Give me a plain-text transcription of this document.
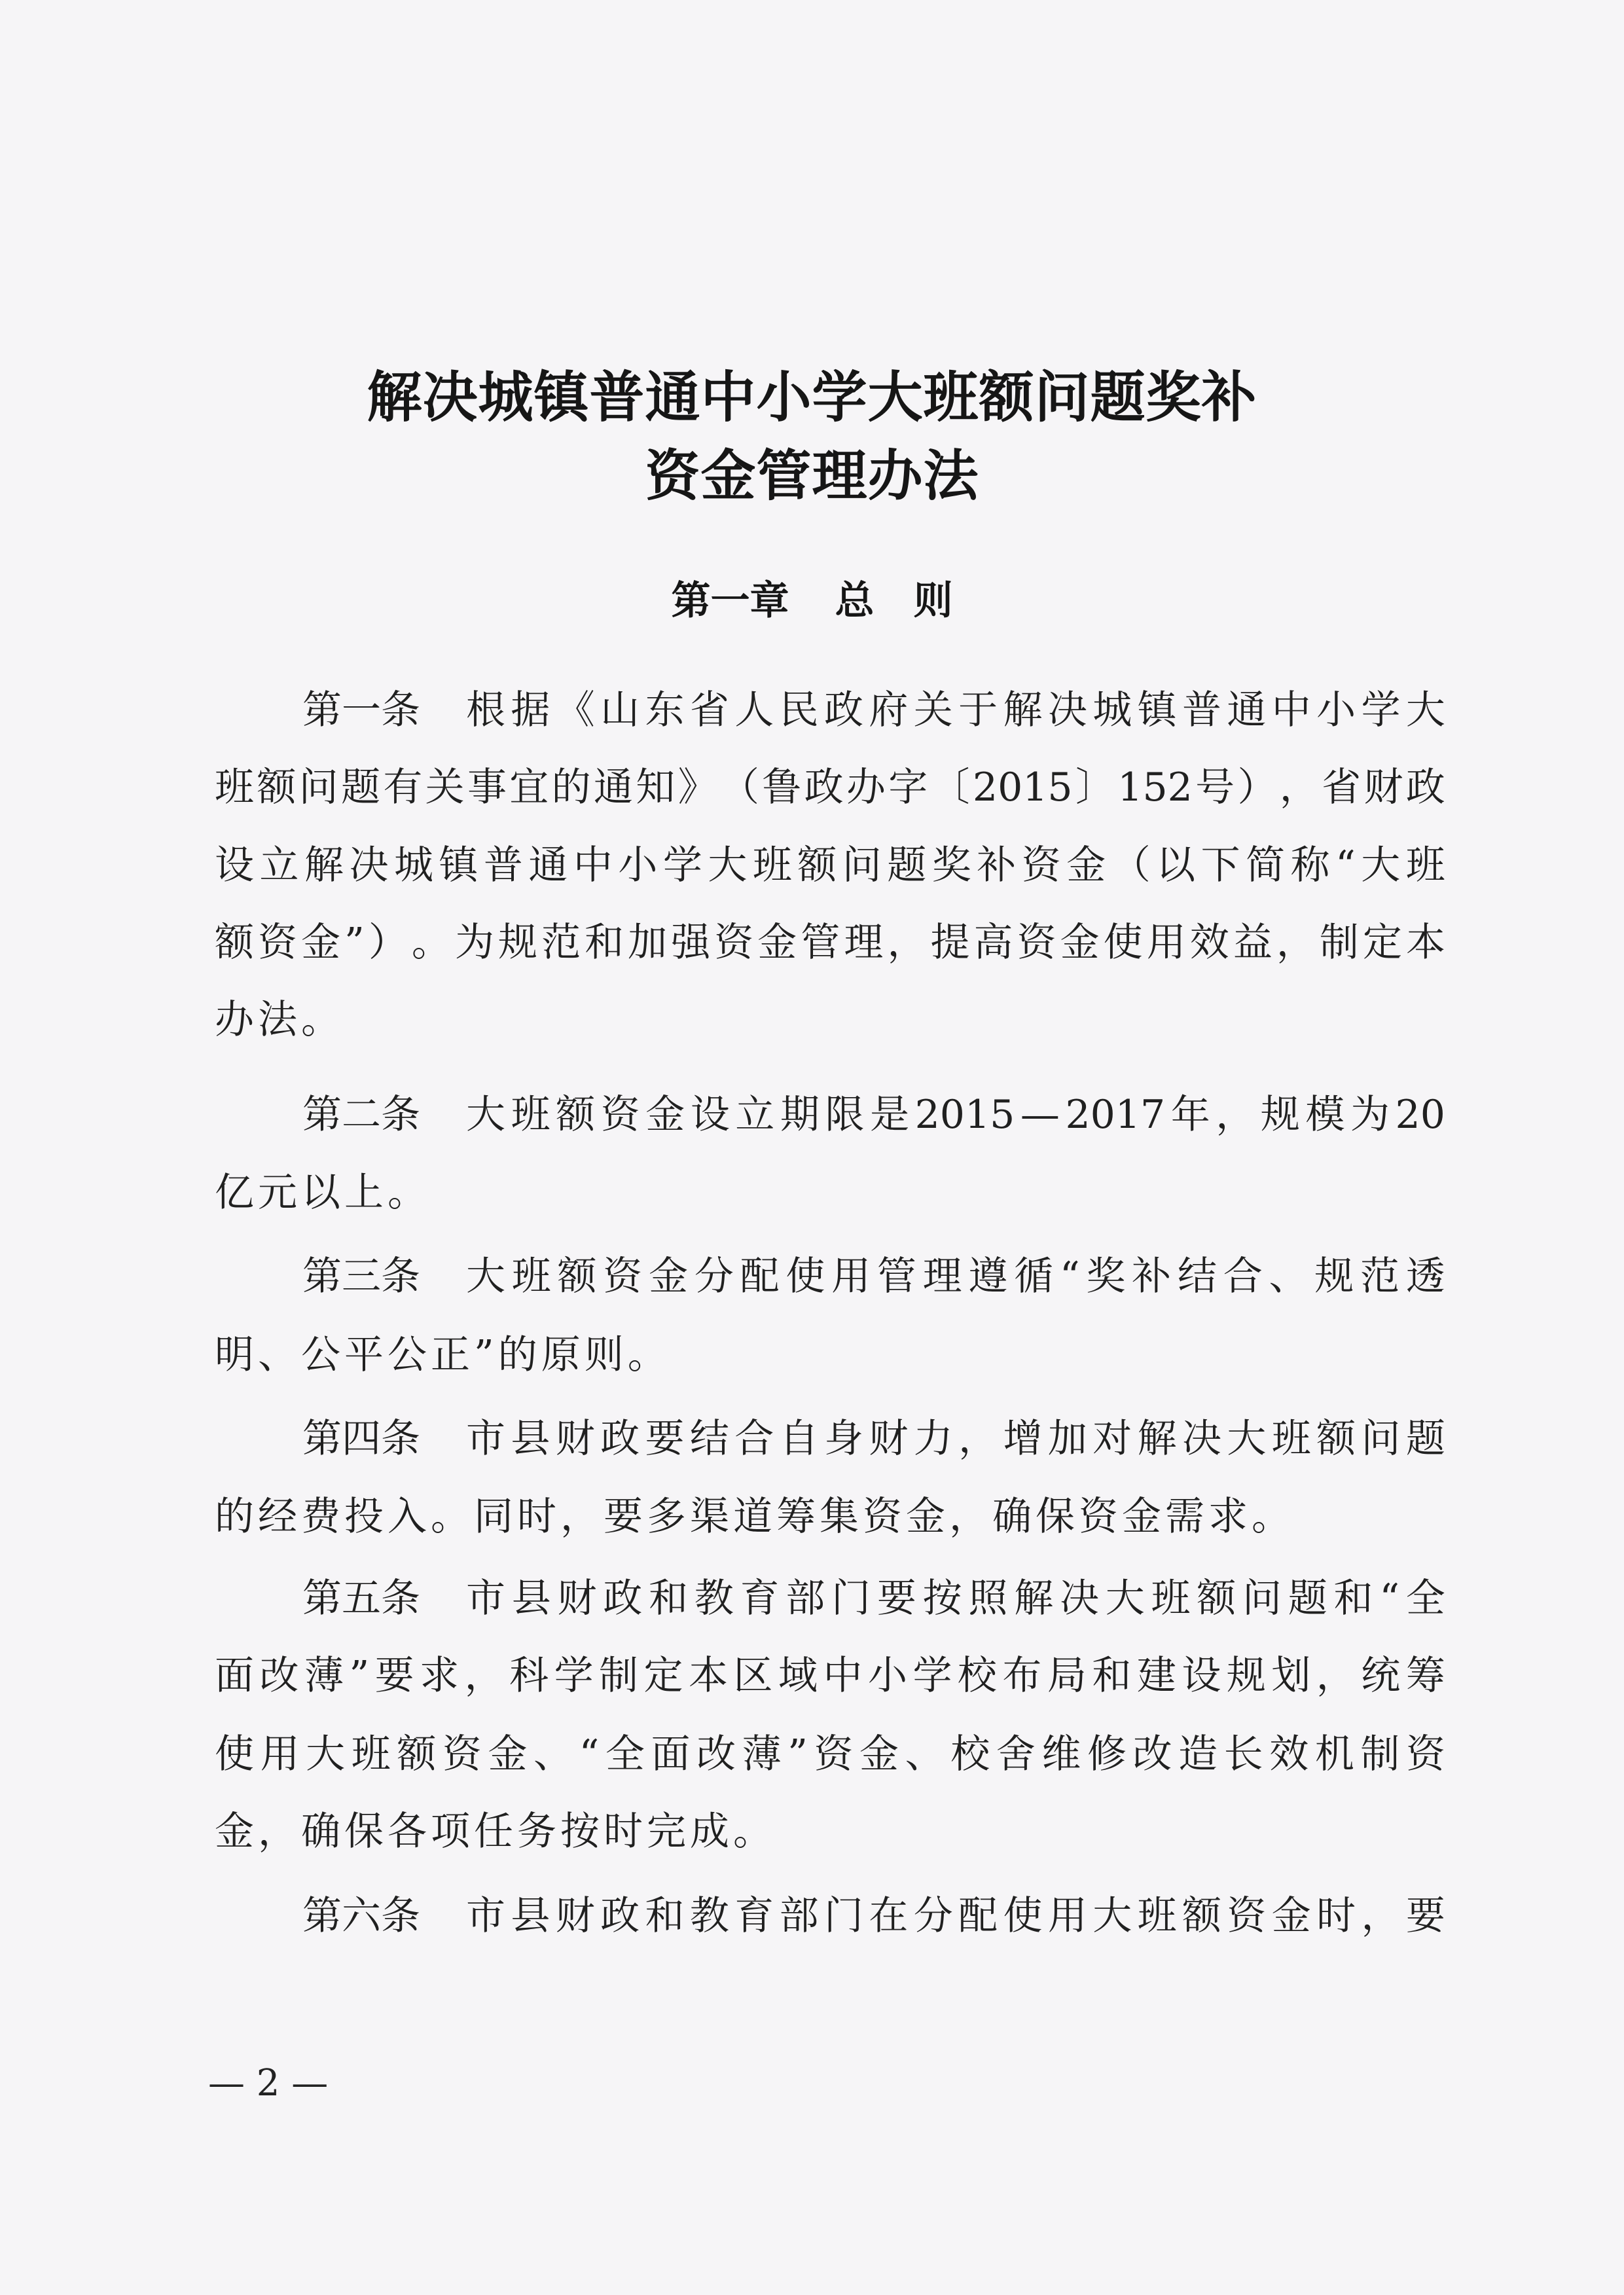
解决城镇普通中小学大班额问题奖补
资金管理办法
第一章 总 则
第一条 根 据 《 山 东 省 人 民 政 府 关 于 解 决 城 镇 普 通 中 小 学 大
班 额 问 题 有 关 事 宜 的 通 知 》 （ 鲁 政 办 字 〔 2015 〕 152 号 ） ， 省 财 政
设 立 解 决 城 镇 普 通 中 小 学 大 班 额 问 题 奖 补 资 金 （ 以 下 简 称 “ 大 班
额 资 金 ” ） 。 为 规 范 和 加 强 资 金 管 理 ， 提 高 资 金 使 用 效 益 ， 制 定 本
办 法 。
第二条 大 班 额 资 金 设 立 期 限 是 2015 — 2017 年 ， 规 模 为 20
亿 元 以 上 。
第三条 大 班 额 资 金 分 配 使 用 管 理 遵 循 “ 奖 补 结 合 、 规 范 透
明 、 公 平 公 正 ” 的 原 则 。
第四条 市 县 财 政 要 结 合 自 身 财 力 ， 增 加 对 解 决 大 班 额 问 题
的 经 费 投 入 。 同 时 ， 要 多 渠 道 筹 集 资 金 ， 确 保 资 金 需 求 。
第五条 市 县 财 政 和 教 育 部 门 要 按 照 解 决 大 班 额 问 题 和 “ 全
面 改 薄 ” 要 求 ， 科 学 制 定 本 区 域 中 小 学 校 布 局 和 建 设 规 划 ， 统 筹
使 用 大 班 额 资 金 、 “ 全 面 改 薄 ” 资 金 、 校 舍 维 修 改 造 长 效 机 制 资
金 ， 确 保 各 项 任 务 按 时 完 成 。
第六条 市 县 财 政 和 教 育 部 门 在 分 配 使 用 大 班 额 资 金 时 ， 要
— 2 —
